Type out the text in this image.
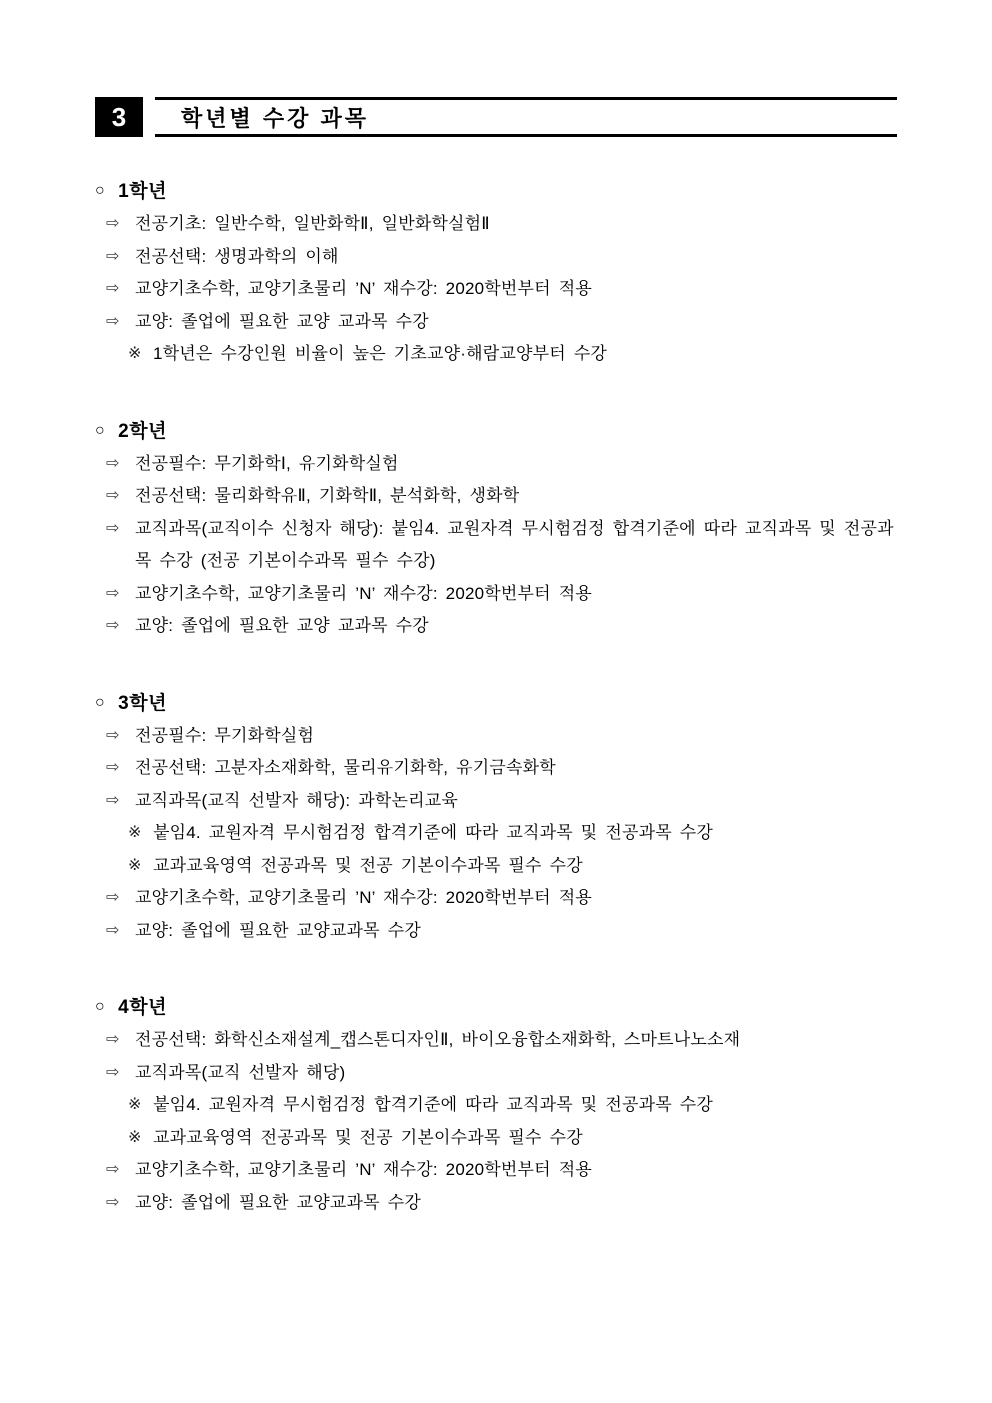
3 학년별 수강 과목
○ 1학년
⇨ 전공기초: 일반수학, 일반화학Ⅱ, 일반화학실험Ⅱ
⇨ 전공선택: 생명과학의 이해
⇨ 교양기초수학, 교양기초물리 ’N’ 재수강: 2020학번부터 적용
⇨ 교양: 졸업에 필요한 교양 교과목 수강
※ 1학년은 수강인원 비율이 높은 기초교양·해람교양부터 수강
○ 2학년
⇨ 전공필수: 무기화학Ⅰ, 유기화학실험
⇨ 전공선택: 물리화학유Ⅱ, 기화학Ⅱ, 분석화학, 생화학
⇨ 교직과목(교직이수 신청자 해당): 붙임4. 교원자격 무시험검정 합격기준에 따라 교직과목 및 전공과목 수강 (전공 기본이수과목 필수 수강)
⇨ 교양기초수학, 교양기초물리 ’N’ 재수강: 2020학번부터 적용
⇨ 교양: 졸업에 필요한 교양 교과목 수강
○ 3학년
⇨ 전공필수: 무기화학실험
⇨ 전공선택: 고분자소재화학, 물리유기화학, 유기금속화학
⇨ 교직과목(교직 선발자 해당): 과학논리교육
※ 붙임4. 교원자격 무시험검정 합격기준에 따라 교직과목 및 전공과목 수강
※ 교과교육영역 전공과목 및 전공 기본이수과목 필수 수강
⇨ 교양기초수학, 교양기초물리 ’N’ 재수강: 2020학번부터 적용
⇨ 교양: 졸업에 필요한 교양교과목 수강
○ 4학년
⇨ 전공선택: 화학신소재설계_캡스톤디자인Ⅱ, 바이오융합소재화학, 스마트나노소재
⇨ 교직과목(교직 선발자 해당)
※ 붙임4. 교원자격 무시험검정 합격기준에 따라 교직과목 및 전공과목 수강
※ 교과교육영역 전공과목 및 전공 기본이수과목 필수 수강
⇨ 교양기초수학, 교양기초물리 ’N’ 재수강: 2020학번부터 적용
⇨ 교양: 졸업에 필요한 교양교과목 수강
